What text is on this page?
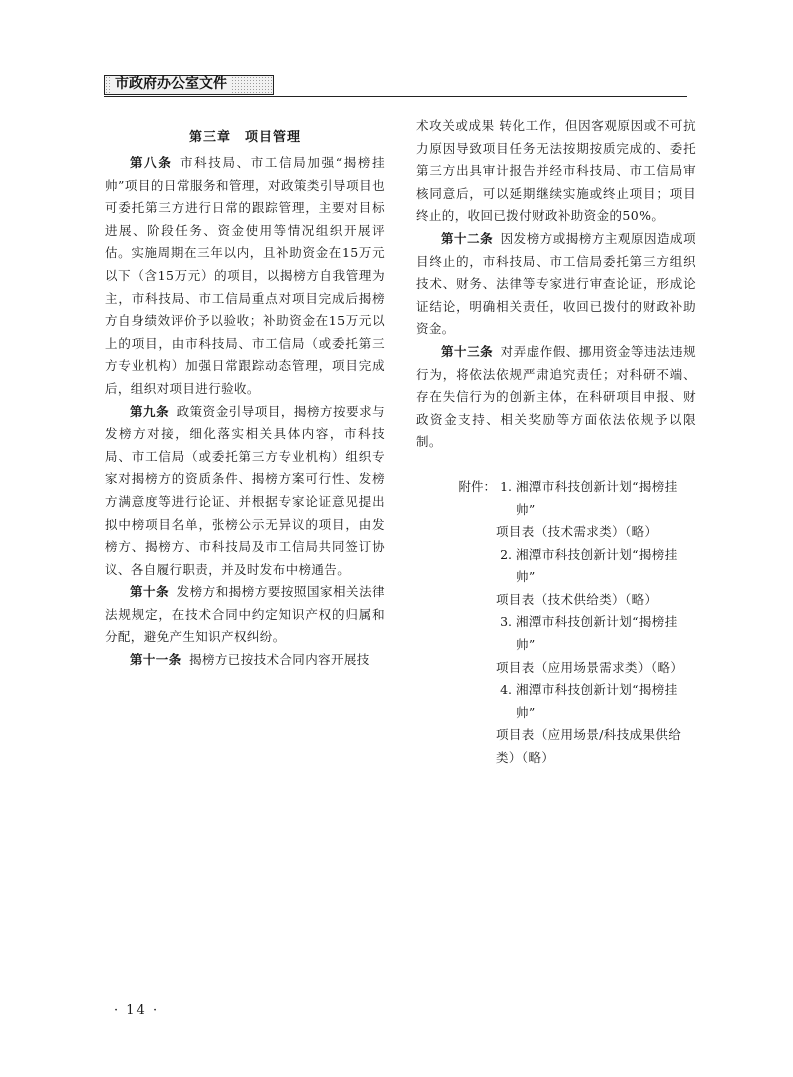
市政府办公室文件
第三章　项目管理

第八条 市科技局、市工信局加强“揭榜挂帅”项目的日常服务和管理，对政策类引导项目也可委托第三方进行日常的跟踪管理，主要对目标进展、阶段任务、资金使用等情况组织开展评估。实施周期在三年以内，且补助资金在15万元以下（含15万元）的项目，以揭榜方自我管理为主，市科技局、市工信局重点对项目完成后揭榜方自身绩效评价予以验收；补助资金在15万元以上的项目，由市科技局、市工信局（或委托第三方专业机构）加强日常跟踪动态管理，项目完成后，组织对项目进行验收。

第九条 政策资金引导项目，揭榜方按要求与发榜方对接，细化落实相关具体内容，市科技局、市工信局（或委托第三方专业机构）组织专家对揭榜方的资质条件、揭榜方案可行性、发榜方满意度等进行论证、并根据专家论证意见提出拟中榜项目名单，张榜公示无异议的项目，由发榜方、揭榜方、市科技局及市工信局共同签订协议、各自履行职责，并及时发布中榜通告。

第十条 发榜方和揭榜方要按照国家相关法律法规规定，在技术合同中约定知识产权的归属和分配，避免产生知识产权纠纷。

第十一条 揭榜方已按技术合同内容开展技

术攻关或成果 转化工作，但因客观原因或不可抗力原因导致项目任务无法按期按质完成的、委托第三方出具审计报告并经市科技局、市工信局审核同意后，可以延期继续实施或终止项目；项目终止的，收回已拨付财政补助资金的50%。

第十二条 因发榜方或揭榜方主观原因造成项目终止的，市科技局、市工信局委托第三方组织技术、财务、法律等专家进行审查论证，形成论证结论，明确相关责任，收回已拨付的财政补助资金。

第十三条 对弄虚作假、挪用资金等违法违规行为，将依法依规严肃追究责任；对科研不端、存在失信行为的创新主体，在科研项目申报、财政资金支持、相关奖励等方面依法依规予以限制。

附件： 1. 湘潭市科技创新计划“揭榜挂帅”
项目表（技术需求类）（略）
2. 湘潭市科技创新计划“揭榜挂帅”
项目表（技术供给类）（略）
3. 湘潭市科技创新计划“揭榜挂帅”
项目表（应用场景需求类）（略）
4. 湘潭市科技创新计划“揭榜挂帅”
项目表（应用场景/科技成果供给
类）（略）
· 14 ·
